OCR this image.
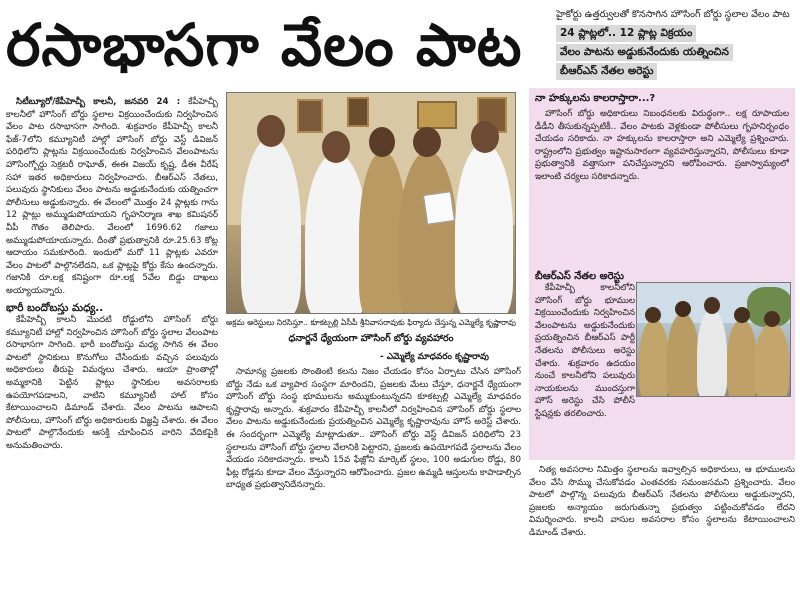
రసాభాసగా వేలం పాట	హైకోర్టు ఉత్తర్వులతో కొనసాగిన హౌసింగ్ బోర్డు స్థలాల వేలం పాట
24 ప్లాట్లలో.. 12 ప్లాట్ల విక్రయం
వేలం పాటను అడ్డుకునేందుకు యత్నించిన
బీఆర్ఎస్ నేతల అరెస్టు

సిటీబ్యూరో/కేపీహెచ్బీ కాలనీ, జనవరి 24 : కేపీహెచ్బీ కాలనీలో హౌసింగ్ బోర్డు స్థలాల విక్రయించేందుకు నిర్వహించిన వేలం పాట రసాభాసగా సాగింది. శుక్రవారం కేపీహెచ్బీ కాలనీ ఫేజ్-7లోని కమ్యూనిటీ హాల్లో హౌసింగ్ బోర్డు వెస్ట్ డివిజన్ పరిధిలోని ప్లాట్లను విక్రయించేందుకు నిర్వహించిన వేలంపాటను హౌసింగ్బోర్డు సెక్రటరీ రాఘోత్, ఈఈ విజయ్ కృష్ణ, డీఈ వీరేష్ సహా ఇతర అధికారులు నిర్వహించారు. బీఆర్ఎస్ నేతలు, పలువురు స్థానికులు వేలం పాటను అడ్డుకునేందుకు యత్నించగా పోలీసులు అడ్డుకున్నారు. ఈ వేలంలో మొత్తం 24 ప్లాట్లకు గాను 12 ప్లాట్లు అమ్ముడుపోయాయని గృహనిర్మాణ శాఖ కమిషనర్ వీపీ గౌతం తెలిపారు. వేలంలో 1696.62 గజాలు అమ్ముడుపోయాయన్నారు. దీంతో ప్రభుత్వానికి రూ.25.63 కోట్ల ఆదాయం సమకూరింది. ఇందులో మరో 11 ప్లాట్లకు ఎవరూ వేలం పాటలో పాల్గొనలేదని, ఒక ప్లాట్లపై కోర్టు కేసు ఉందన్నారు. గజానికి రూ.లక్ష కనిష్టంగా రూ.లక్ష 5వేల బిడ్డు దాఖలు అయ్యాయన్నారు.

భారీ బందోబస్తు మధ్య..

కేపీహెచ్బీ కాలనీ మొదటి రోడ్డులోని హౌసింగ్ బోర్డు కమ్యూనిటీ హాల్లో నిర్వహించిన హౌసింగ్ బోర్డు స్థలాల వేలంపాట రసాభాసగా సాగింది. భారీ బందోబస్తు మధ్య సాగిన ఈ వేలం పాటలో స్థానికులు కొనుగోలు చేసేందుకు వచ్చిన పలువురు అధికారులు తీరుపై విమర్శలు చేశారు. ఆయా ప్రాంతాల్లో అమ్మకానికి పెట్టిన ప్లాట్లు స్థానికుల అవసరాలకు ఉపయోగపడాలని, వాటిని కమ్యూనిటీ హాల్ కోసం కేటాయించాలని డిమాండ్ చేశారు. వేలం పాటను ఆపాలని పోలీసులు, హౌసింగ్ బోర్డు అధికారులకు విజ్ఞప్తి చేశారు. ఈ వేలం పాటలో పాల్గొనేందుకు ఆసక్తి చూపించిన వారిని వేదికపైకి అనుమతించారు.

అక్రమ అరెస్టులు నిరసిస్తూ.. కూకట్పల్లి ఏసీపీ శ్రీనివాసరావుకు ఫిర్యాదు చేస్తున్న ఎమ్మెల్యే కృష్ణారావు
ధనార్జనే ధ్యేయంగా హౌసింగ్ బోర్డు వ్యవహారం
- ఎమ్మెల్యే మాధవరం కృష్ణారావు

సామాన్య ప్రజలకు సొంతింటి కలను నిజం చేయడం కోసం ఏర్పాటు చేసిన హౌసింగ్ బోర్డు నేడు ఒక వ్యాపార సంస్థగా మారిందని, ప్రజలకు మేలు చేస్తూ, ధనార్జనే ధ్యేయంగా హౌసింగ్ బోర్డు సంస్థ భూములను అమ్ముకుంటున్నదని కూకట్పల్లి ఎమ్మెల్యే మాధవరం కృష్ణారావు అన్నారు. శుక్రవారం కేపీహెచ్బీ కాలనీలో నిర్వహించిన హౌసింగ్ బోర్డు స్థలాల వేలం పాటను అడ్డుకునేందుకు ప్రయత్నించిన ఎమ్మెల్యే కృష్ణారావును హౌస్ అరెస్ట్ చేశారు. ఈ సందర్భంగా ఎమ్మెల్యే మాట్లాడుతూ.. హౌసింగ్ బోర్డు వెస్ట్ డివిజన్ పరిధిలోని 23 స్థలాలను హౌసింగ్ బోర్డు స్థలాల వేలానికి పెట్టారని, ప్రజలకు ఉపయోగపడే స్థలాలను వేలం వేయడం సరికాదన్నారు. కాలనీ 15వ ఫేజ్లోని మార్కెట్ స్థలం, 100 అడుగుల రోడ్డు, 80 ఫీట్ల రోడ్లను కూడా వేలం వేస్తున్నారని ఆరోపించారు. ప్రజల ఉమ్మడి ఆస్తులను కాపాడాల్సిన బాధ్యత ప్రభుత్వానిదేనన్నారు.

నా హక్కులను కాలరాస్తారా...?

హౌసింగ్ బోర్డు అధికారులు నిబంధనలకు విరుద్ధంగా.. లక్ష రూపాయల డీడీని తీసుకున్నప్పటికీ.. వేలం పాటకు వెళ్లకుండా పోలీసులు గృహనిర్బంధం చేయడం సరికాదు. నా హక్కులను కాలరాస్తారా అని ఎమ్మెల్యే ప్రశ్నించారు. రాష్ట్రంలోని ప్రభుత్వం ఇష్టానుసారంగా వ్యవహరిస్తున్నారని, పోలీసులు కూడా ప్రభుత్వానికి వత్తాసుగా పనిచేస్తున్నారని ఆరోపించారు. ప్రజాస్వామ్యంలో ఇలాంటి చర్యలు సరికాదన్నారు.

బీఆర్ఎస్ నేతల అరెస్టు

కేపీహెచ్బీ కాలనీలోని హౌసింగ్ బోర్డు భూముల విక్రయించేందుకు నిర్వహించిన వేలంపాటను అడ్డుకునేందుకు ప్రయత్నించిన బీఆర్ఎస్ పార్టీ నేతలను పోలీసులు అరెస్టు చేశారు. శుక్రవారం ఉదయం నుంచే కాలనీలోని పలువురు నాయకులను ముందస్తుగా హౌస్ అరెస్టు చేసి పోలీస్ స్టేషన్లకు తరలించారు.

నిత్య అవసరాల నిమిత్తం స్థలాలను ఇవ్వాల్సిన అధికారులు, ఆ భూములను వేలం వేసి సొమ్ము చేసుకోవడం ఎంతవరకు సమంజసమని ప్రశ్నించారు. వేలం పాటలో పాల్గొన్న పలువురు బీఆర్ఎస్ నేతలను పోలీసులు అడ్డుకున్నారని, ప్రజలకు అన్యాయం జరుగుతున్నా ప్రభుత్వం పట్టించుకోవడం లేదని విమర్శించారు. కాలనీ వాసుల అవసరాల కోసం స్థలాలను కేటాయించాలని డిమాండ్ చేశారు.
